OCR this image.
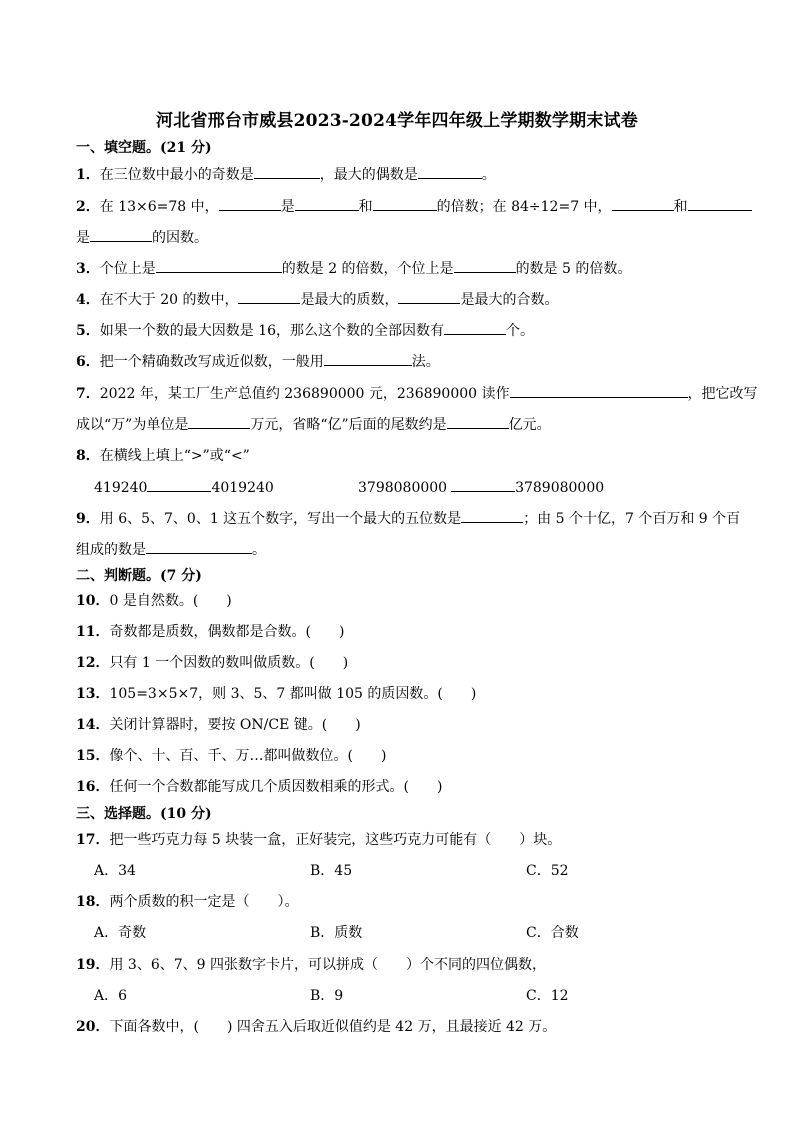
河北省邢台市威县2023-2024学年四年级上学期数学期末试卷
一、填空题。(21 分)
1．在三位数中最小的奇数是	，最大的偶数是	。
2．在 13×6=78 中，	是	和	的倍数；在 84÷12=7 中，	和
是	的因数。
3．个位上是	的数是 2 的倍数，个位上是	的数是 5 的倍数。
4．在不大于 20 的数中，	是最大的质数，	是最大的合数。
5．如果一个数的最大因数是 16，那么这个数的全部因数有	个。
6．把一个精确数改写成近似数，一般用	法。
7．2022 年，某工厂生产总值约 236890000 元，236890000 读作	，把它改写
成以“万”为单位是	万元，省略“亿”后面的尾数约是	亿元。
8．在横线上填上“>”或“<”
419240	4019240	3798080000	3789080000
9．用 6、5、7、0、1 这五个数字，写出一个最大的五位数是	；由 5 个十亿，7 个百万和 9 个百
组成的数是	。
二、判断题。(7 分)
10．0 是自然数。(　　)
11．奇数都是质数，偶数都是合数。(　　)
12．只有 1 一个因数的数叫做质数。(　　)
13．105=3×5×7，则 3、5、7 都叫做 105 的质因数。(　　)
14．关闭计算器时，要按 ON/CE 键。(　　)
15．像个、十、百、千、万…都叫做数位。(　　)
16．任何一个合数都能写成几个质因数相乘的形式。(　　)
三、选择题。(10 分)
17．把一些巧克力每 5 块装一盒，正好装完，这些巧克力可能有（　　）块。
A．34	B．45	C．52
18．两个质数的积一定是（　　）。
A．奇数	B．质数	C．合数
19．用 3、6、7、9 四张数字卡片，可以拼成（　　）个不同的四位偶数，
A．6	B．9	C．12
20．下面各数中，(　　) 四舍五入后取近似值约是 42 万，且最接近 42 万。
